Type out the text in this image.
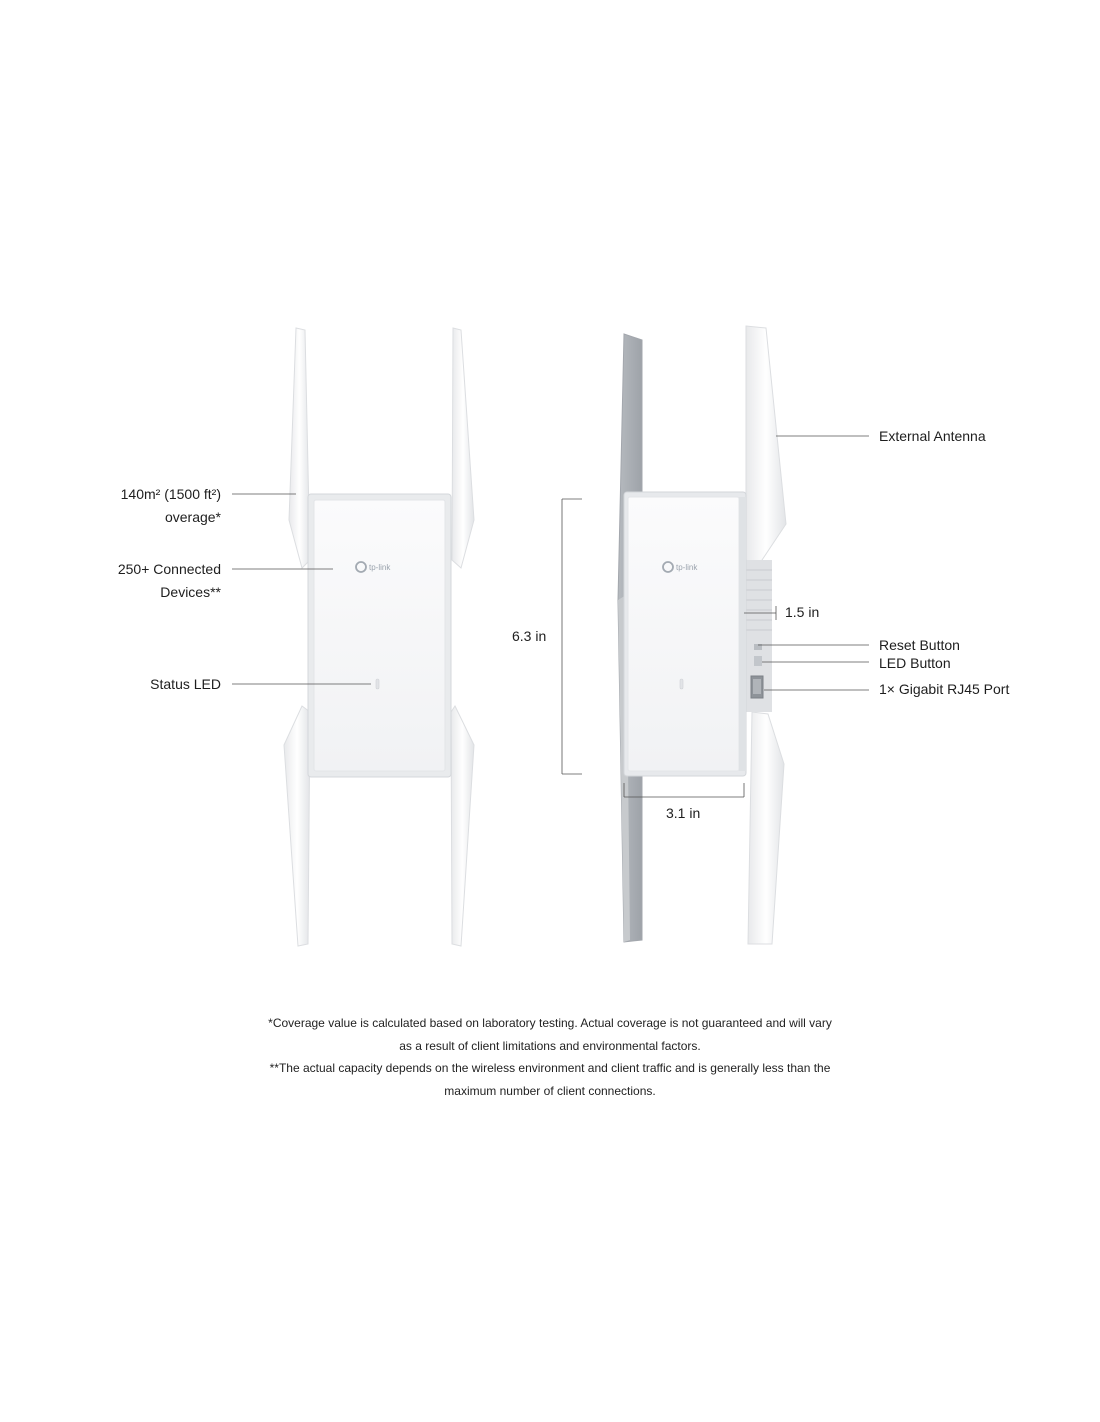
tp-link	tp-link
140m² (1500 ft²)
overage*
250+ Connected
Devices**
Status LED
6.3 in
3.1 in
1.5 in
External Antenna
Reset Button
LED Button
1× Gigabit RJ45 Port
*Coverage value is calculated based on laboratory testing. Actual coverage is not guaranteed and will vary
as a result of client limitations and environmental factors.
**The actual capacity depends on the wireless environment and client traffic and is generally less than the
maximum number of client connections.
